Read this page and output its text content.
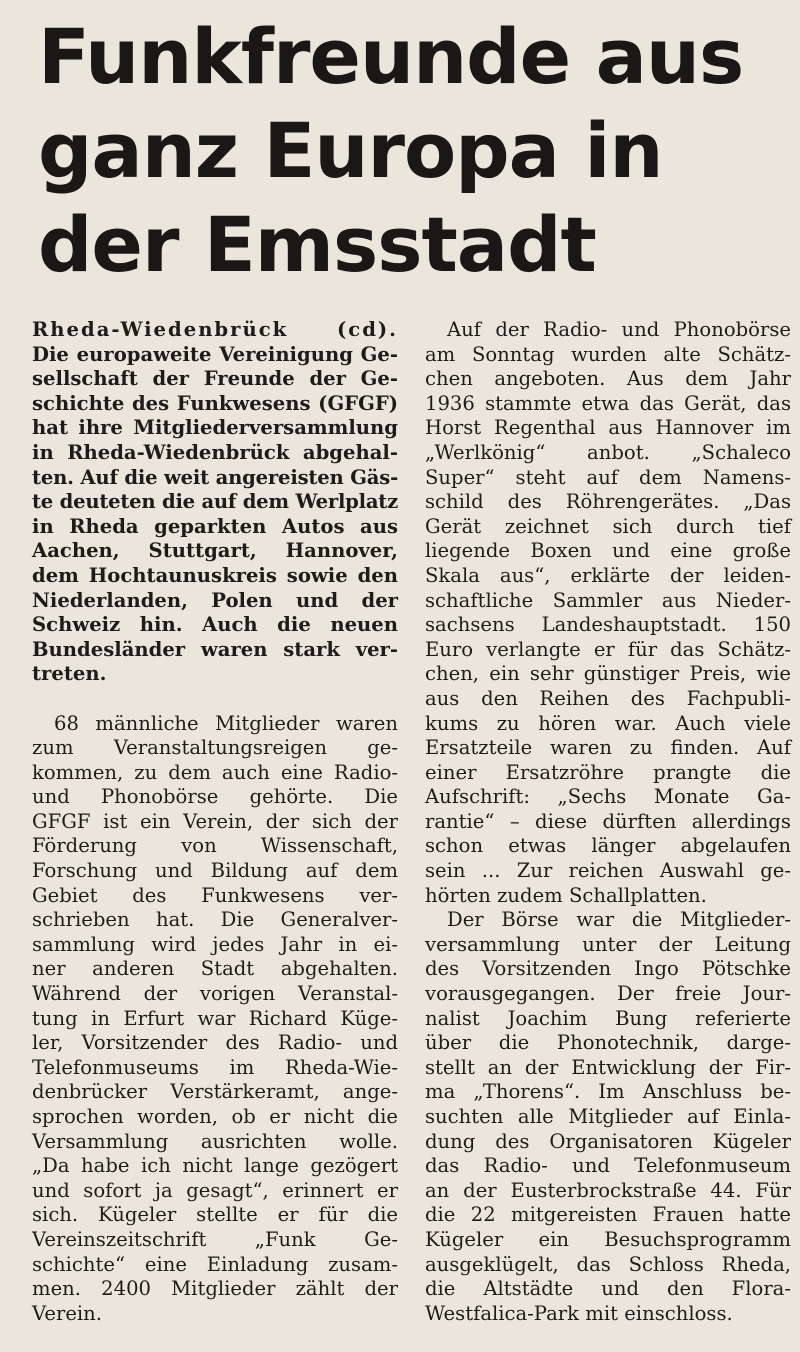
Funkfreunde aus
ganz Europa in
der Emsstadt
Rheda-Wiedenbrück (cd).
Die europaweite Vereinigung Ge-
sellschaft der Freunde der Ge-
schichte des Funkwesens (GFGF)
hat ihre Mitgliederversammlung
in Rheda-Wiedenbrück abgehal-
ten. Auf die weit angereisten Gäs-
te deuteten die auf dem Werlplatz
in Rheda geparkten Autos aus
Aachen, Stuttgart, Hannover,
dem Hochtaunuskreis sowie den
Niederlanden, Polen und der
Schweiz hin. Auch die neuen
Bundesländer waren stark ver-
treten.
68 männliche Mitglieder waren
zum Veranstaltungsreigen ge-
kommen, zu dem auch eine Radio-
und Phonobörse gehörte. Die
GFGF ist ein Verein, der sich der
Förderung von Wissenschaft,
Forschung und Bildung auf dem
Gebiet des Funkwesens ver-
schrieben hat. Die Generalver-
sammlung wird jedes Jahr in ei-
ner anderen Stadt abgehalten.
Während der vorigen Veranstal-
tung in Erfurt war Richard Küge-
ler, Vorsitzender des Radio- und
Telefonmuseums im Rheda-Wie-
denbrücker Verstärkeramt, ange-
sprochen worden, ob er nicht die
Versammlung ausrichten wolle.
„Da habe ich nicht lange gezögert
und sofort ja gesagt“, erinnert er
sich. Kügeler stellte er für die
Vereinszeitschrift „Funk Ge-
schichte“ eine Einladung zusam-
men. 2400 Mitglieder zählt der
Verein.
Auf der Radio- und Phonobörse
am Sonntag wurden alte Schätz-
chen angeboten. Aus dem Jahr
1936 stammte etwa das Gerät, das
Horst Regenthal aus Hannover im
„Werlkönig“ anbot. „Schaleco
Super“ steht auf dem Namens-
schild des Röhrengerätes. „Das
Gerät zeichnet sich durch tief
liegende Boxen und eine große
Skala aus“, erklärte der leiden-
schaftliche Sammler aus Nieder-
sachsens Landeshauptstadt. 150
Euro verlangte er für das Schätz-
chen, ein sehr günstiger Preis, wie
aus den Reihen des Fachpubli-
kums zu hören war. Auch viele
Ersatzteile waren zu finden. Auf
einer Ersatzröhre prangte die
Aufschrift: „Sechs Monate Ga-
rantie“ – diese dürften allerdings
schon etwas länger abgelaufen
sein ... Zur reichen Auswahl ge-
hörten zudem Schallplatten.
Der Börse war die Mitglieder-
versammlung unter der Leitung
des Vorsitzenden Ingo Pötschke
vorausgegangen. Der freie Jour-
nalist Joachim Bung referierte
über die Phonotechnik, darge-
stellt an der Entwicklung der Fir-
ma „Thorens“. Im Anschluss be-
suchten alle Mitglieder auf Einla-
dung des Organisatoren Kügeler
das Radio- und Telefonmuseum
an der Eusterbrockstraße 44. Für
die 22 mitgereisten Frauen hatte
Kügeler ein Besuchsprogramm
ausgeklügelt, das Schloss Rheda,
die Altstädte und den Flora-
Westfalica-Park mit einschloss.
